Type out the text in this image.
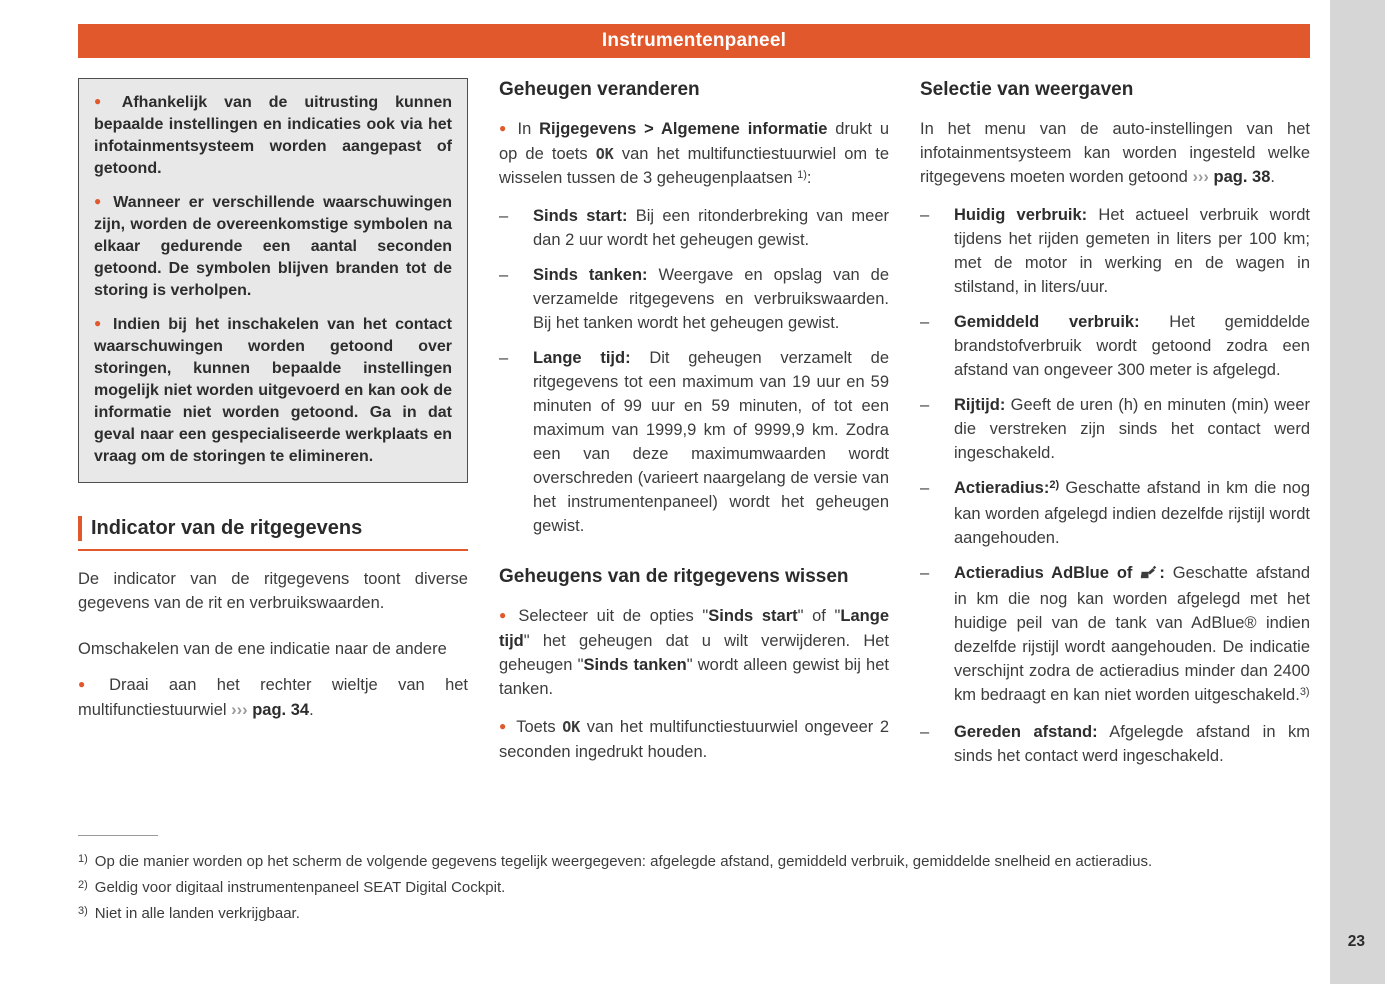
Instrumentenpaneel

● Afhankelijk van de uitrusting kunnen bepaalde instellingen en indicaties ook via het infotainmentsysteem worden aangepast of getoond.

● Wanneer er verschillende waarschuwingen zijn, worden de overeenkomstige symbolen na elkaar gedurende een aantal seconden getoond. De symbolen blijven branden tot de storing is verholpen.

● Indien bij het inschakelen van het contact waarschuwingen worden getoond over storingen, kunnen bepaalde instellingen mogelijk niet worden uitgevoerd en kan ook de informatie niet worden getoond. Ga in dat geval naar een gespecialiseerde werkplaats en vraag om de storingen te elimineren.

Indicator van de ritgegevens

De indicator van de ritgegevens toont diverse gegevens van de rit en verbruikswaarden.

Omschakelen van de ene indicatie naar de andere

● Draai aan het rechter wieltje van het multifunctiestuurwiel ››› pag. 34.

Geheugen veranderen

● In Rijgegevens > Algemene informatie drukt u op de toets OK van het multifunctiestuurwiel om te wisselen tussen de 3 geheugenplaatsen $^{1)}$:

–	Sinds start: Bij een ritonderbreking van meer dan 2 uur wordt het geheugen gewist.

–	Sinds tanken: Weergave en opslag van de verzamelde ritgegevens en verbruikswaarden. Bij het tanken wordt het geheugen gewist.

–	Lange tijd: Dit geheugen verzamelt de ritgegevens tot een maximum van 19 uur en 59 minuten of 99 uur en 59 minuten, of tot een maximum van 1999,9 km of 9999,9 km. Zodra een van deze maximumwaarden wordt overschreden (varieert naargelang de versie van het instrumentenpaneel) wordt het geheugen gewist.

Geheugens van de ritgegevens wissen

● Selecteer uit de opties "Sinds start" of "Lange tijd" het geheugen dat u wilt verwijderen. Het geheugen "Sinds tanken" wordt alleen gewist bij het tanken.

● Toets OK van het multifunctiestuurwiel ongeveer 2 seconden ingedrukt houden.

Selectie van weergaven

In het menu van de auto-instellingen van het infotainmentsysteem kan worden ingesteld welke ritgegevens moeten worden getoond ››› pag. 38.

–	Huidig verbruik: Het actueel verbruik wordt tijdens het rijden gemeten in liters per 100 km; met de motor in werking en de wagen in stilstand, in liters/uur.

–	Gemiddeld verbruik: Het gemiddelde brandstofverbruik wordt getoond zodra een afstand van ongeveer 300 meter is afgelegd.

–	Rijtijd: Geeft de uren (h) en minuten (min) weer die verstreken zijn sinds het contact werd ingeschakeld.

–	Actieradius:$^{2)}$ Geschatte afstand in km die nog kan worden afgelegd indien dezelfde rijstijl wordt aangehouden.

–	Actieradius AdBlue of : Geschatte afstand in km die nog kan worden afgelegd met het huidige peil van de tank van AdBlue® indien dezelfde rijstijl wordt aangehouden. De indicatie verschijnt zodra de actieradius minder dan 2400 km bedraagt en kan niet worden uitgeschakeld.$^{3)}$

–	Gereden afstand: Afgelegde afstand in km sinds het contact werd ingeschakeld.

$^{1)}$ Op die manier worden op het scherm de volgende gegevens tegelijk weergegeven: afgelegde afstand, gemiddeld verbruik, gemiddelde snelheid en actieradius.

$^{2)}$ Geldig voor digitaal instrumentenpaneel SEAT Digital Cockpit.

$^{3)}$ Niet in alle landen verkrijgbaar.

23
